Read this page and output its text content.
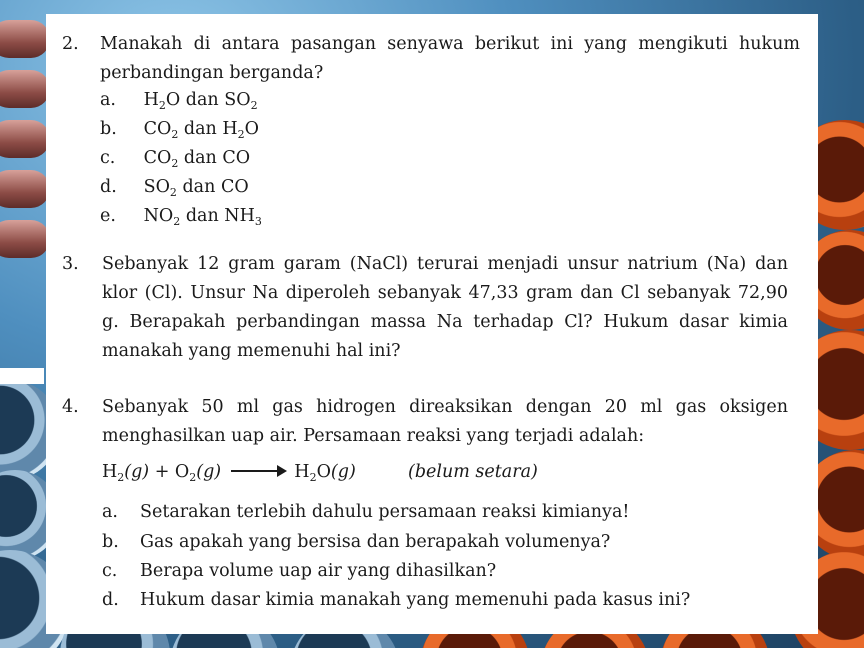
2. Manakah di antara pasangan senyawa berikut ini yang mengikuti hukum perbandingan berganda?
a. $H_2O$ dan $SO_2$
b. $CO_2$ dan $H_2O$
c. $CO_2$ dan CO
d. $SO_2$ dan CO
e. $NO_2$ dan $NH_3$
3. Sebanyak 12 gram garam (NaCl) terurai menjadi unsur natrium (Na) dan klor (Cl). Unsur Na diperoleh sebanyak 47,33 gram dan Cl sebanyak 72,90 g. Berapakah perbandingan massa Na terhadap Cl? Hukum dasar kimia manakah yang memenuhi hal ini?
4. Sebanyak 50 ml gas hidrogen direaksikan dengan 20 ml gas oksigen menghasilkan uap air. Persamaan reaksi yang terjadi adalah:
$H_2(g) + O_2(g) \to H_2O(g)$	(belum setara)
a. Setarakan terlebih dahulu persamaan reaksi kimianya!
b. Gas apakah yang bersisa dan berapakah volumenya?
c. Berapa volume uap air yang dihasilkan?
d. Hukum dasar kimia manakah yang memenuhi pada kasus ini?
